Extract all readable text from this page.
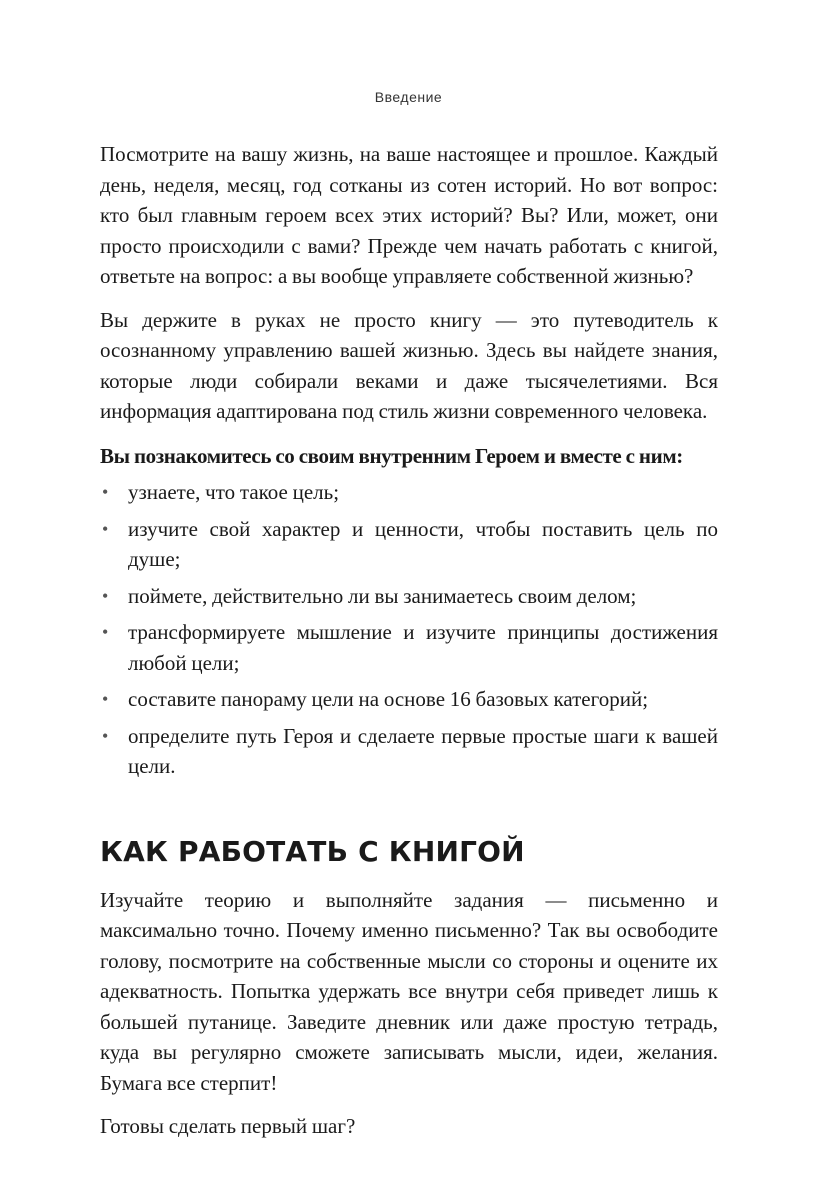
Введение

Посмотрите на вашу жизнь, на ваше настоящее и прошлое. Каждый день, неделя, месяц, год сотканы из сотен историй. Но вот вопрос: кто был главным героем всех этих историй? Вы? Или, может, они просто происходили с вами? Прежде чем начать работать с книгой, ответьте на вопрос: а вы вообще управляете собственной жизнью?

Вы держите в руках не просто книгу — это путеводитель к осознанному управлению вашей жизнью. Здесь вы найдете знания, которые люди собирали веками и даже тысячелетиями. Вся информация адаптирована под стиль жизни современного человека.

Вы познакомитесь со своим внутренним Героем и вместе с ним:

• узнаете, что такое цель;
• изучите свой характер и ценности, чтобы поставить цель по душе;
• поймете, действительно ли вы занимаетесь своим делом;
• трансформируете мышление и изучите принципы достижения любой цели;
• составите панораму цели на основе 16 базовых категорий;
• определите путь Героя и сделаете первые простые шаги к вашей цели.
КАК РАБОТАТЬ С КНИГОЙ

Изучайте теорию и выполняйте задания — письменно и максимально точно. Почему именно письменно? Так вы освободите голову, посмотрите на собственные мысли со стороны и оцените их адекватность. Попытка удержать все внутри себя приведет лишь к большей путанице. Заведите дневник или даже простую тетрадь, куда вы регулярно сможете записывать мысли, идеи, желания. Бумага все стерпит!

Готовы сделать первый шаг?
